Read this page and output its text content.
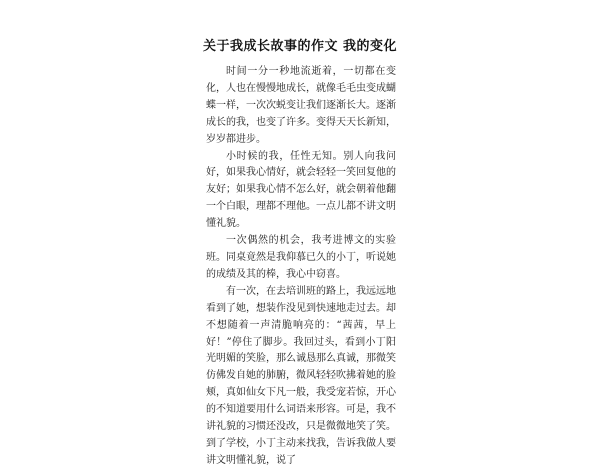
关于我成长故事的作文 我的变化

时间一分一秒地流逝着，一切都在变化，人也在慢慢地成长，就像毛毛虫变成蝴蝶一样，一次次蜕变让我们逐渐长大。逐渐成长的我，也变了许多。变得天天长新知，岁岁都进步。

小时候的我，任性无知。别人向我问好，如果我心情好，就会轻轻一笑回复他的友好；如果我心情不怎么好，就会朝着他翻一个白眼，理都不理他。一点儿都不讲文明懂礼貌。

一次偶然的机会，我考进博文的实验班。同桌竟然是我仰慕已久的小丁，听说她的成绩及其的棒，我心中窃喜。

有一次，在去培训班的路上，我远远地看到了她，想装作没见到快速地走过去。却不想随着一声清脆响亮的：“茜茜，早上好！”停住了脚步。我回过头，看到小丁阳光明媚的笑脸，那么诚恳那么真诚，那微笑仿佛发自她的肺腑，微风轻轻吹拂着她的脸颊，真如仙女下凡一般，我受宠若惊，开心的不知道要用什么词语来形容。可是，我不讲礼貌的习惯还没改，只是微微地笑了笑。到了学校，小丁主动来找我，告诉我做人要讲文明懂礼貌，说了
